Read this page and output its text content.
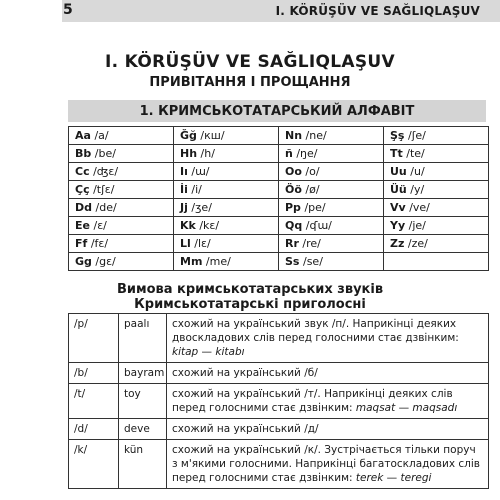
5	I. KÖRÜŞÜV VE SAĞLIQLAŞUV
I. KÖRÜŞÜV VE SAĞLIQLAŞUV
ПРИВІТАННЯ І ПРОЩАННЯ
1. КРИМСЬКОТАТАРСЬКИЙ АЛФАВІТ
Aa /a/	Ğğ /кш/	Nn /ne/	Şş /ʃe/
Bb /be/	Hh /h/	ñ /ŋe/	Tt /te/
Cc /ʤɛ/	Iı /ɯ/	Oo /o/	Uu /u/
Çç /tʃɛ/	İi /i/	Öö /ø/	Üü /y/
Dd /de/	Jj /ʒe/	Pp /pe/	Vv /ve/
Ee /ɛ/	Kk /kɛ/	Qq /ʠɯ/	Yy /je/
Ff /fɛ/	Ll /lɛ/	Rr /re/	Zz /ze/
Gg /gɛ/	Mm /me/	Ss /se/	
Вимова кримськотатарських звуків
Кримськотатарські приголосні
/p/	paalı	схожий на український звук /п/. Наприкінці деяких двоскладових слів перед голосними стає дзвінким: kitap — kitabı
/b/	bayram	схожий на український /б/
/t/	toy	схожий на український /т/. Наприкінці деяких слів перед голосними стає дзвінким: maqsat — maqsadı
/d/	deve	схожий на український /д/
/k/	kün	схожий на український /к/. Зустрічається тільки поруч з м'якими голосними. Наприкінці багатоскладових слів перед голосними стає дзвінким: terek — teregi
